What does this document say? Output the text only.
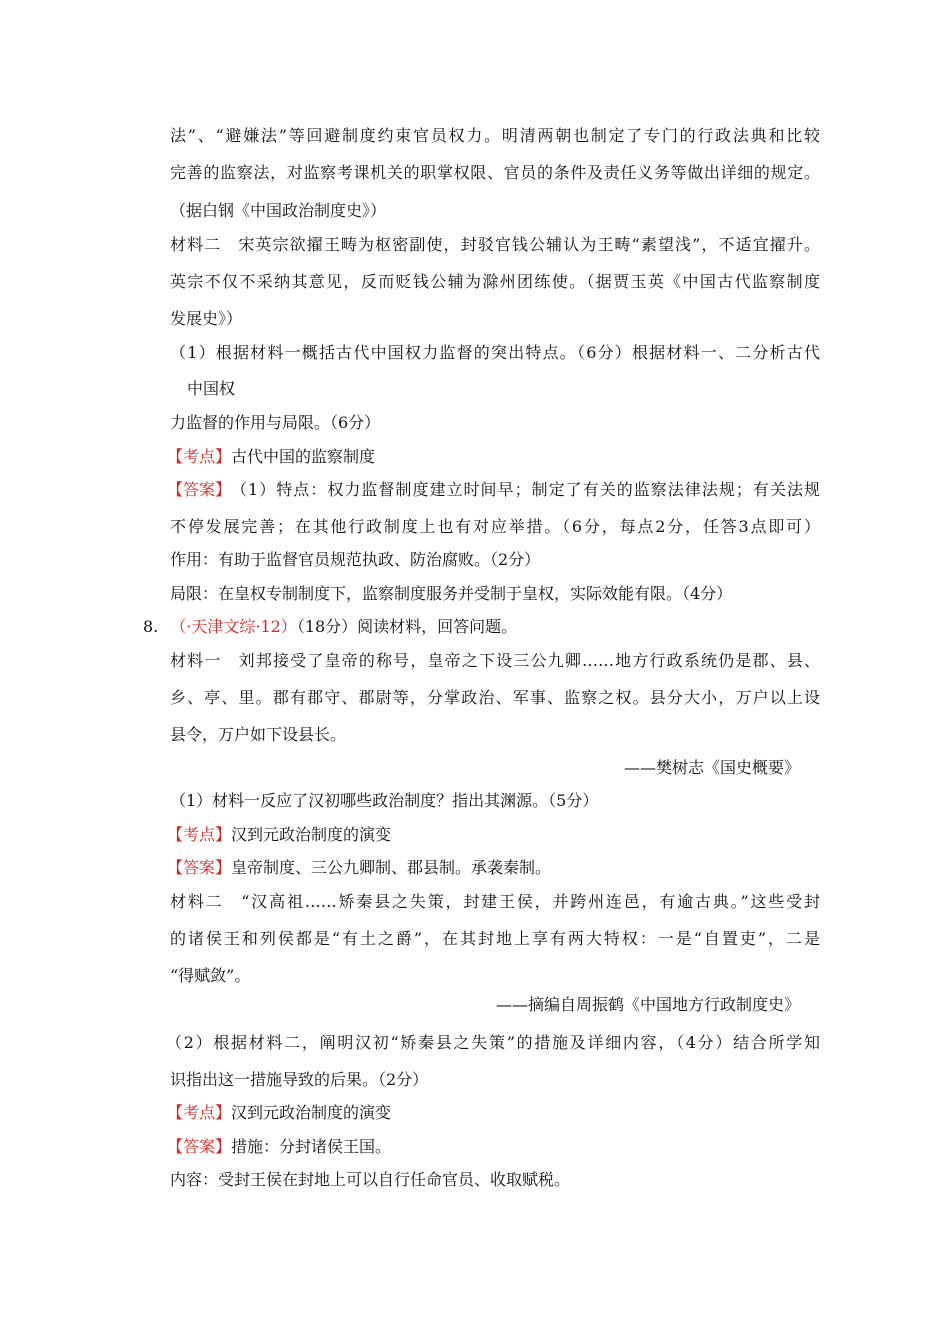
法”、“避嫌法”等回避制度约束官员权力。明清两朝也制定了专门的行政法典和比较
完善的监察法，对监察考课机关的职掌权限、官员的条件及责任义务等做出详细的规定。
（据白钢《中国政治制度史》）
材料二　宋英宗欲擢王畴为枢密副使，封驳官钱公辅认为王畴“素望浅”，不适宜擢升。
英宗不仅不采纳其意见，反而贬钱公辅为滁州团练使。（据贾玉英《中国古代监察制度
发展史》）
（1）根据材料一概括古代中国权力监督的突出特点。（6分）根据材料一、二分析古代
中国权
力监督的作用与局限。（6分）
【考点】古代中国的监察制度
【答案】 （1）特点：权力监督制度建立时间早；制定了有关的监察法律法规；有关法规
不停发展完善；在其他行政制度上也有对应举措。（6分，每点2分，任答3点即可）
作用：有助于监督官员规范执政、防治腐败。（2分）
局限：在皇权专制制度下，监察制度服务并受制于皇权，实际效能有限。（4分）
8. （·天津文综·12）（18分）阅读材料，回答问题。
材料一　刘邦接受了皇帝的称号，皇帝之下设三公九卿……地方行政系统仍是郡、县、
乡、亭、里。郡有郡守、郡尉等，分掌政治、军事、监察之权。县分大小，万户以上设
县令，万户如下设县长。
——樊树志《国史概要》
（1）材料一反应了汉初哪些政治制度？指出其渊源。（5分）
【考点】汉到元政治制度的演变
【答案】皇帝制度、三公九卿制、郡县制。承袭秦制。
材料二　“汉高祖……矫秦县之失策，封建王侯，并跨州连邑，有逾古典。”这些受封
的诸侯王和列侯都是“有土之爵”，在其封地上享有两大特权：一是“自置吏”，二是
“得赋敛”。
——摘编自周振鹤《中国地方行政制度史》
（2）根据材料二，阐明汉初“矫秦县之失策”的措施及详细内容，（4分）结合所学知
识指出这一措施导致的后果。（2分）
【考点】汉到元政治制度的演变
【答案】措施：分封诸侯王国。
内容：受封王侯在封地上可以自行任命官员、收取赋税。
